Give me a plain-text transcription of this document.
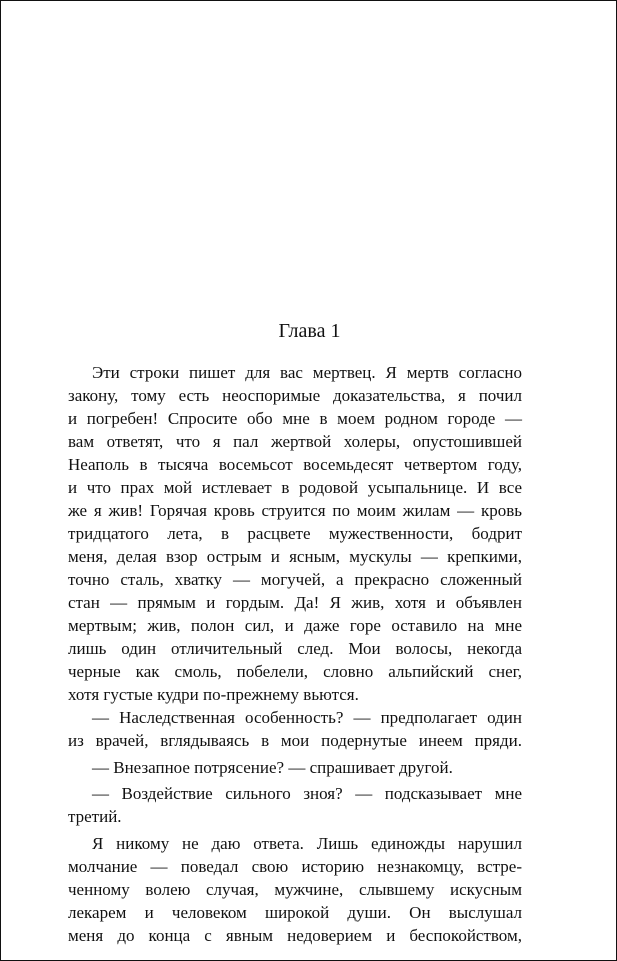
Глава 1
Эти строки пишет для вас мертвец. Я мертв согласно
закону, тому есть неоспоримые доказательства, я почил
и погребен! Спросите обо мне в моем родном городе —
вам ответят, что я пал жертвой холеры, опустошившей
Неаполь в тысяча восемьсот восемьдесят четвертом году,
и что прах мой истлевает в родовой усыпальнице. И все
же я жив! Горячая кровь струится по моим жилам — кровь
тридцатого лета, в расцвете мужественности, бодрит
меня, делая взор острым и ясным, мускулы — крепкими,
точно сталь, хватку — могучей, а прекрасно сложенный
стан — прямым и гордым. Да! Я жив, хотя и объявлен
мертвым; жив, полон сил, и даже горе оставило на мне
лишь один отличительный след. Мои волосы, некогда
черные как смоль, побелели, словно альпийский снег,
хотя густые кудри по-прежнему вьются.
— Наследственная особенность? — предполагает один
из врачей, вглядываясь в мои подернутые инеем пряди.
— Внезапное потрясение? — спрашивает другой.
— Воздействие сильного зноя? — подсказывает мне
третий.
Я никому не даю ответа. Лишь единожды нарушил
молчание — поведал свою историю незнакомцу, встре-
ченному волею случая, мужчине, слывшему искусным
лекарем и человеком широкой души. Он выслушал
меня до конца с явным недоверием и беспокойством,
